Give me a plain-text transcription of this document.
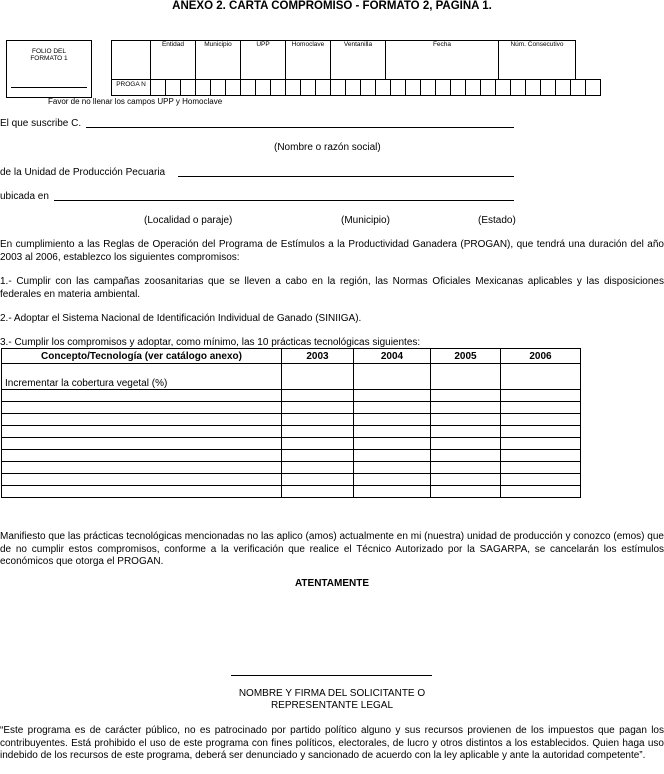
ANEXO 2. CARTA COMPROMISO - FORMATO 2, PAGINA 1.
FOLIO DEL FORMATO 1
	Entidad	Municipio	UPP	Homoclave	Ventanilla	Fecha	Núm. Consecutivo
PROGA N																														
Favor de no llenar los campos UPP y Homoclave
El que suscribe C.
(Nombre o razón social)
de la Unidad de Producción Pecuaria
ubicada en
(Localidad o paraje)	(Municipio)	(Estado)
En cumplimiento a las Reglas de Operación del Programa de Estímulos a la Productividad Ganadera (PROGAN), que tendrá una duración del año 2003 al 2006, establezco los siguientes compromisos:
1.- Cumplir con las campañas zoosanitarias que se lleven a cabo en la región, las Normas Oficiales Mexicanas aplicables y las disposiciones federales en materia ambiental.
2.- Adoptar el Sistema Nacional de Identificación Individual de Ganado (SINIIGA).
3.- Cumplir los compromisos y adoptar, como mínimo, las 10 prácticas tecnológicas siguientes:
Concepto/Tecnología (ver catálogo anexo)	2003	2004	2005	2006

Incrementar la cobertura vegetal (%)				

Manifiesto que las prácticas tecnológicas mencionadas no las aplico (amos) actualmente en mi (nuestra) unidad de producción y conozco (emos) que de no cumplir estos compromisos, conforme a la verificación que realice el Técnico Autorizado por la SAGARPA, se cancelarán los estímulos económicos que otorga el PROGAN.
ATENTAMENTE
NOMBRE Y FIRMA DEL SOLICITANTE O
REPRESENTANTE LEGAL
“Este programa es de carácter público, no es patrocinado por partido político alguno y sus recursos provienen de los impuestos que pagan los contribuyentes. Está prohibido el uso de este programa con fines políticos, electorales, de lucro y otros distintos a los establecidos. Quien haga uso indebido de los recursos de este programa, deberá ser denunciado y sancionado de acuerdo con la ley aplicable y ante la autoridad competente”.
